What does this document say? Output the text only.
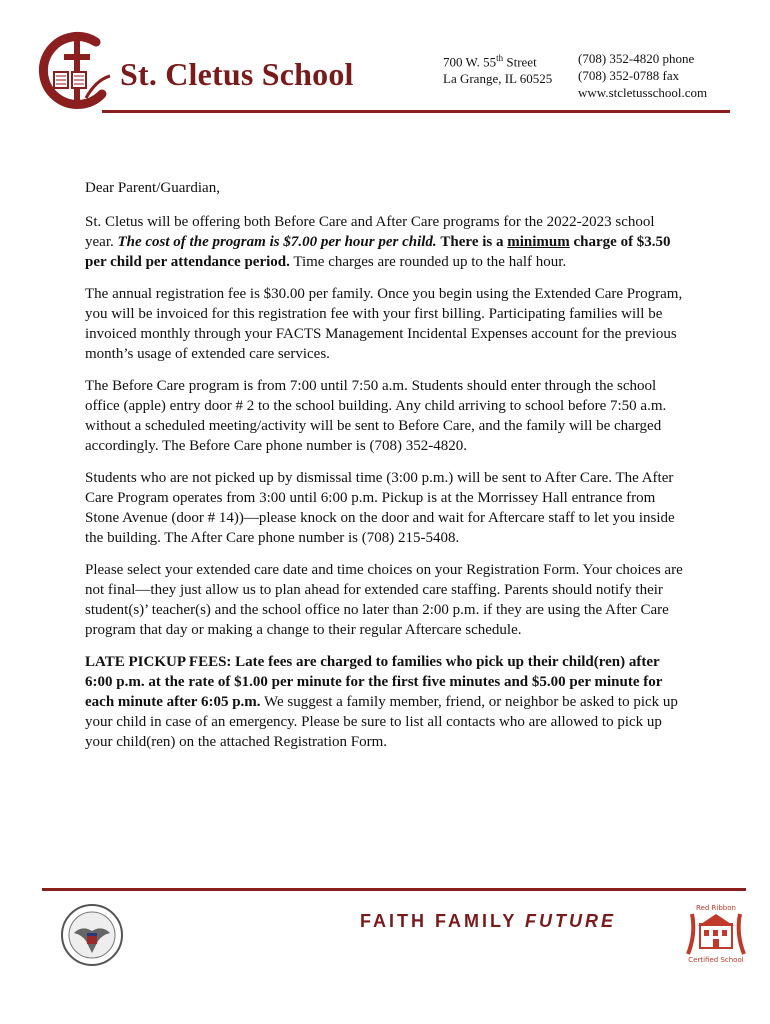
St. Cletus School	700 W. 55th Street
La Grange, IL 60525
(708) 352-4820 phone
(708) 352-0788 fax
www.stcletusschool.com

Dear Parent/Guardian,

St. Cletus will be offering both Before Care and After Care programs for the 2022-2023 school year. The cost of the program is $7.00 per hour per child. There is a minimum charge of $3.50 per child per attendance period. Time charges are rounded up to the half hour.

The annual registration fee is $30.00 per family. Once you begin using the Extended Care Program, you will be invoiced for this registration fee with your first billing. Participating families will be invoiced monthly through your FACTS Management Incidental Expenses account for the previous month’s usage of extended care services.

The Before Care program is from 7:00 until 7:50 a.m. Students should enter through the school office (apple) entry door # 2 to the school building. Any child arriving to school before 7:50 a.m. without a scheduled meeting/activity will be sent to Before Care, and the family will be charged accordingly. The Before Care phone number is (708) 352-4820.

Students who are not picked up by dismissal time (3:00 p.m.) will be sent to After Care. The After Care Program operates from 3:00 until 6:00 p.m. Pickup is at the Morrissey Hall entrance from Stone Avenue (door # 14))—please knock on the door and wait for Aftercare staff to let you inside the building. The After Care phone number is (708) 215-5408.

Please select your extended care date and time choices on your Registration Form. Your choices are not final—they just allow us to plan ahead for extended care staffing. Parents should notify their student(s)’ teacher(s) and the school office no later than 2:00 p.m. if they are using the After Care program that day or making a change to their regular Aftercare schedule.

LATE PICKUP FEES: Late fees are charged to families who pick up their child(ren) after 6:00 p.m. at the rate of $1.00 per minute for the first five minutes and $5.00 per minute for each minute after 6:05 p.m. We suggest a family member, friend, or neighbor be asked to pick up your child in case of an emergency. Please be sure to list all contacts who are allowed to pick up your child(ren) on the attached Registration Form.

FAITH FAMILY FUTURE
Red Ribbon
Certified School
